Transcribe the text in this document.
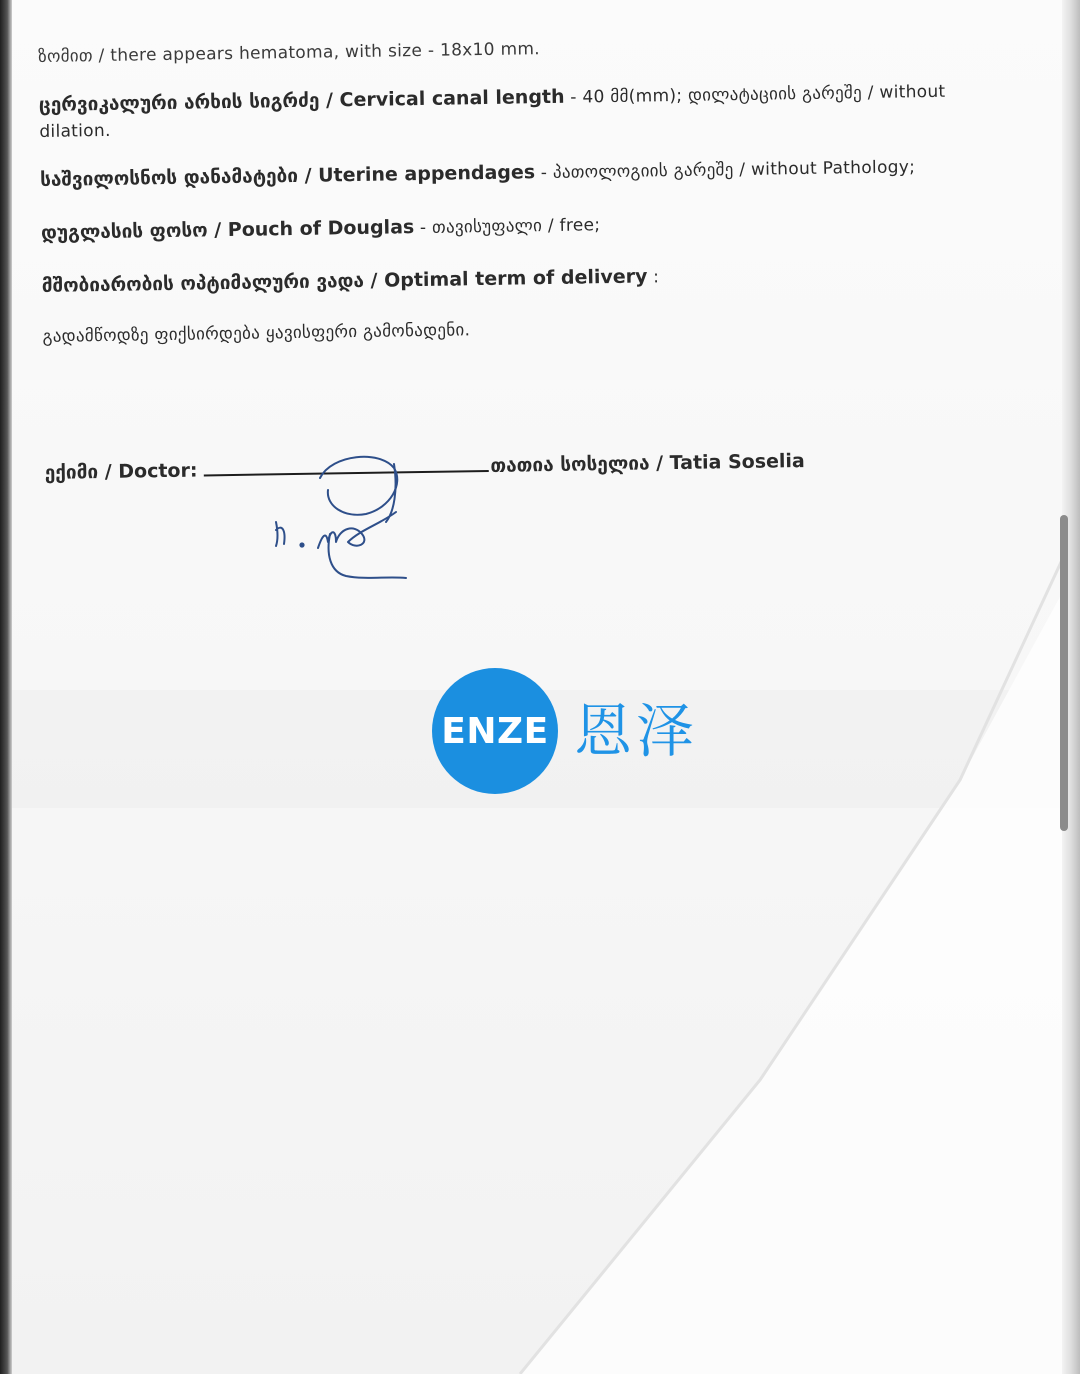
ზომით / there appears hematoma, with size - 18x10 mm.

ცერვიკალური არხის სიგრძე / Cervical canal length - 40 მმ(mm); დილატაციის გარეშე / without

dilation.

საშვილოსნოს დანამატები / Uterine appendages - პათოლოგიის გარეშე / without Pathology;

დუგლასის ფოსო / Pouch of Douglas - თავისუფალი / free;

მშობიარობის ოპტიმალური ვადა / Optimal term of delivery :

გადამწოდზე ფიქსირდება ყავისფერი გამონადენი.

ექიმი / Doctor:	თათია სოსელია / Tatia Soselia

ENZE 恩泽
